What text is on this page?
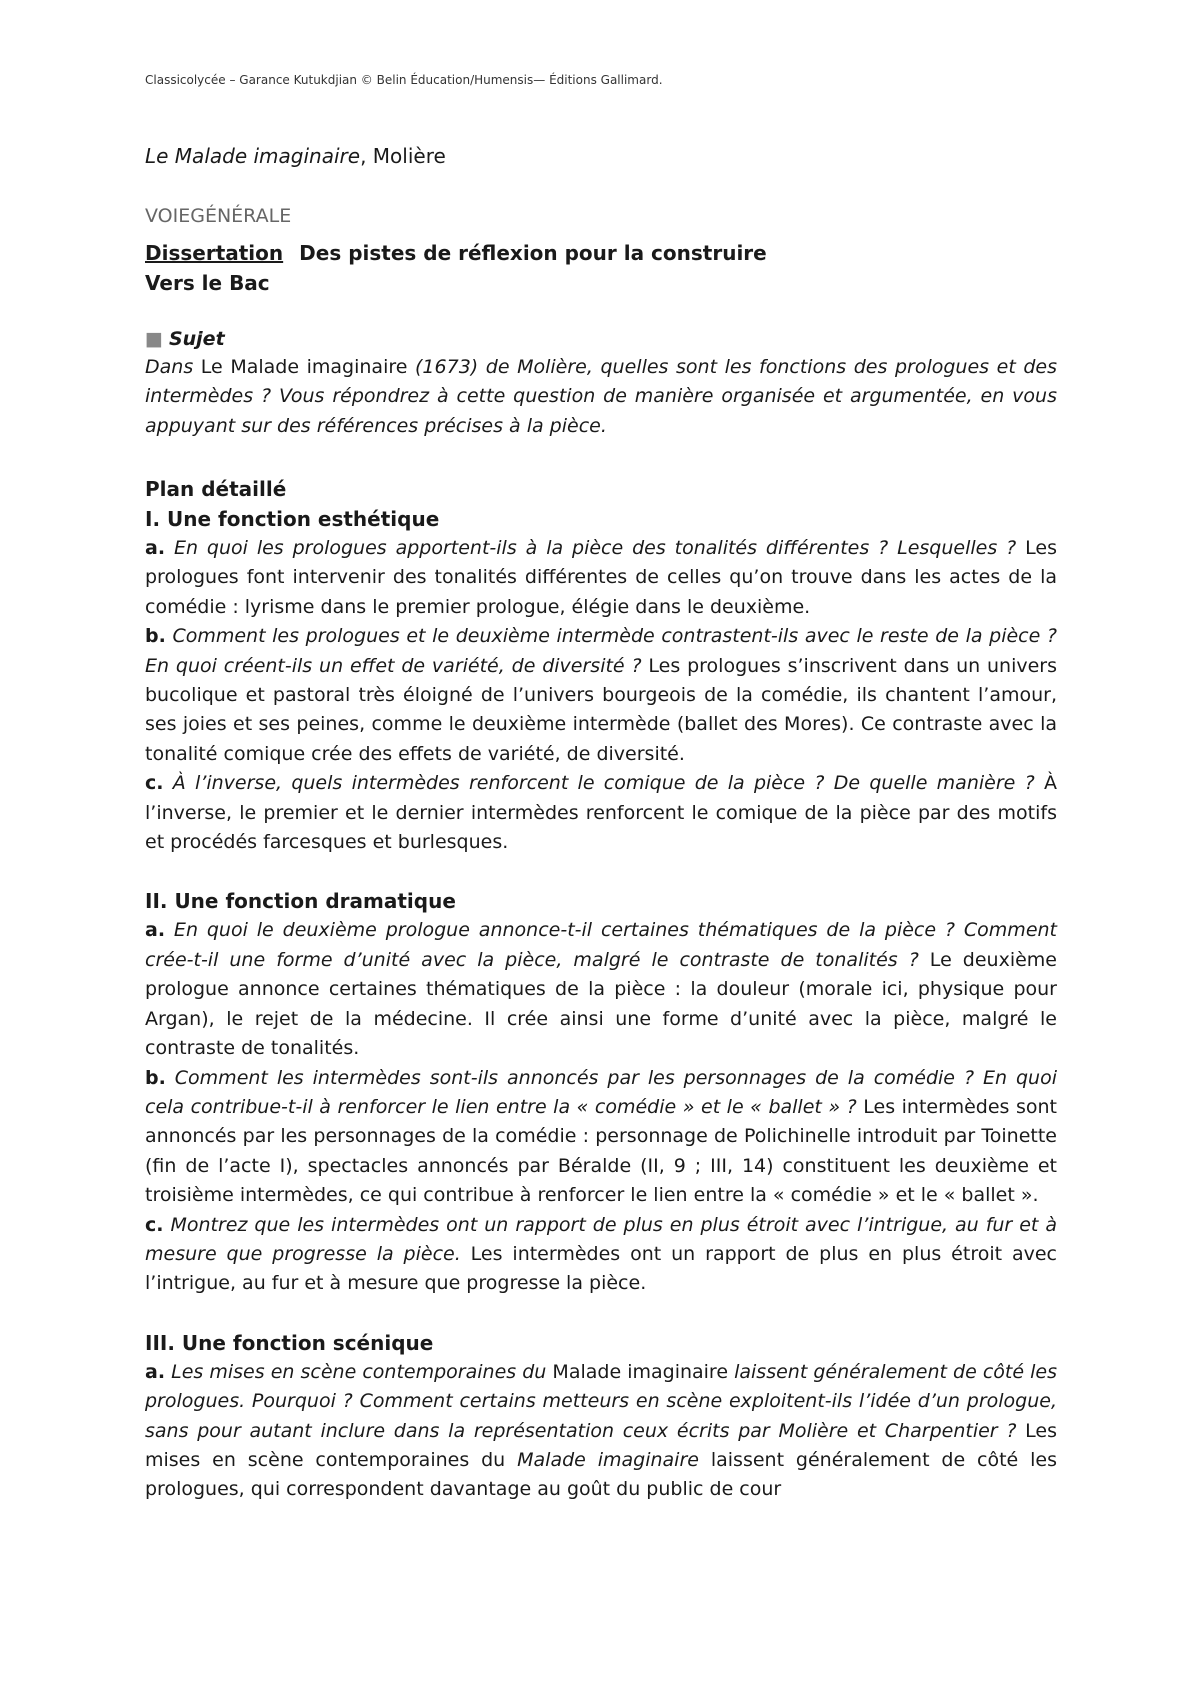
Classicolycée – Garance Kutukdjian © Belin Éducation/Humensis— Éditions Gallimard.
Le Malade imaginaire, Molière
VOIEGÉNÉRALE
Dissertation Des pistes de réflexion pour la construire
Vers le Bac
■ Sujet
Dans Le Malade imaginaire (1673) de Molière, quelles sont les fonctions des prologues et des intermèdes ? Vous répondrez à cette question de manière organisée et argumentée, en vous appuyant sur des références précises à la pièce.
Plan détaillé
I. Une fonction esthétique

a. En quoi les prologues apportent-ils à la pièce des tonalités différentes ? Lesquelles ? Les prologues font intervenir des tonalités différentes de celles qu’on trouve dans les actes de la comédie : lyrisme dans le premier prologue, élégie dans le deuxième.

b. Comment les prologues et le deuxième intermède contrastent-ils avec le reste de la pièce ? En quoi créent-ils un effet de variété, de diversité ? Les prologues s’inscrivent dans un univers bucolique et pastoral très éloigné de l’univers bourgeois de la comédie, ils chantent l’amour, ses joies et ses peines, comme le deuxième intermède (ballet des Mores). Ce contraste avec la tonalité comique crée des effets de variété, de diversité.

c. À l’inverse, quels intermèdes renforcent le comique de la pièce ? De quelle manière ? À l’inverse, le premier et le dernier intermèdes renforcent le comique de la pièce par des motifs et procédés farcesques et burlesques.

II. Une fonction dramatique

a. En quoi le deuxième prologue annonce-t-il certaines thématiques de la pièce ? Comment crée-t-il une forme d’unité avec la pièce, malgré le contraste de tonalités ? Le deuxième prologue annonce certaines thématiques de la pièce : la douleur (morale ici, physique pour Argan), le rejet de la médecine. Il crée ainsi une forme d’unité avec la pièce, malgré le contraste de tonalités.

b. Comment les intermèdes sont-ils annoncés par les personnages de la comédie ? En quoi cela contribue-t-il à renforcer le lien entre la « comédie » et le « ballet » ? Les intermèdes sont annoncés par les personnages de la comédie : personnage de Polichinelle introduit par Toinette (fin de l’acte I), spectacles annoncés par Béralde (II, 9 ; III, 14) constituent les deuxième et troisième intermèdes, ce qui contribue à renforcer le lien entre la « comédie » et le « ballet ».

c. Montrez que les intermèdes ont un rapport de plus en plus étroit avec l’intrigue, au fur et à mesure que progresse la pièce. Les intermèdes ont un rapport de plus en plus étroit avec l’intrigue, au fur et à mesure que progresse la pièce.

III. Une fonction scénique

a. Les mises en scène contemporaines du Malade imaginaire laissent généralement de côté les prologues. Pourquoi ? Comment certains metteurs en scène exploitent-ils l’idée d’un prologue, sans pour autant inclure dans la représentation ceux écrits par Molière et Charpentier ? Les mises en scène contemporaines du Malade imaginaire laissent généralement de côté les prologues, qui correspondent davantage au goût du public de cour
